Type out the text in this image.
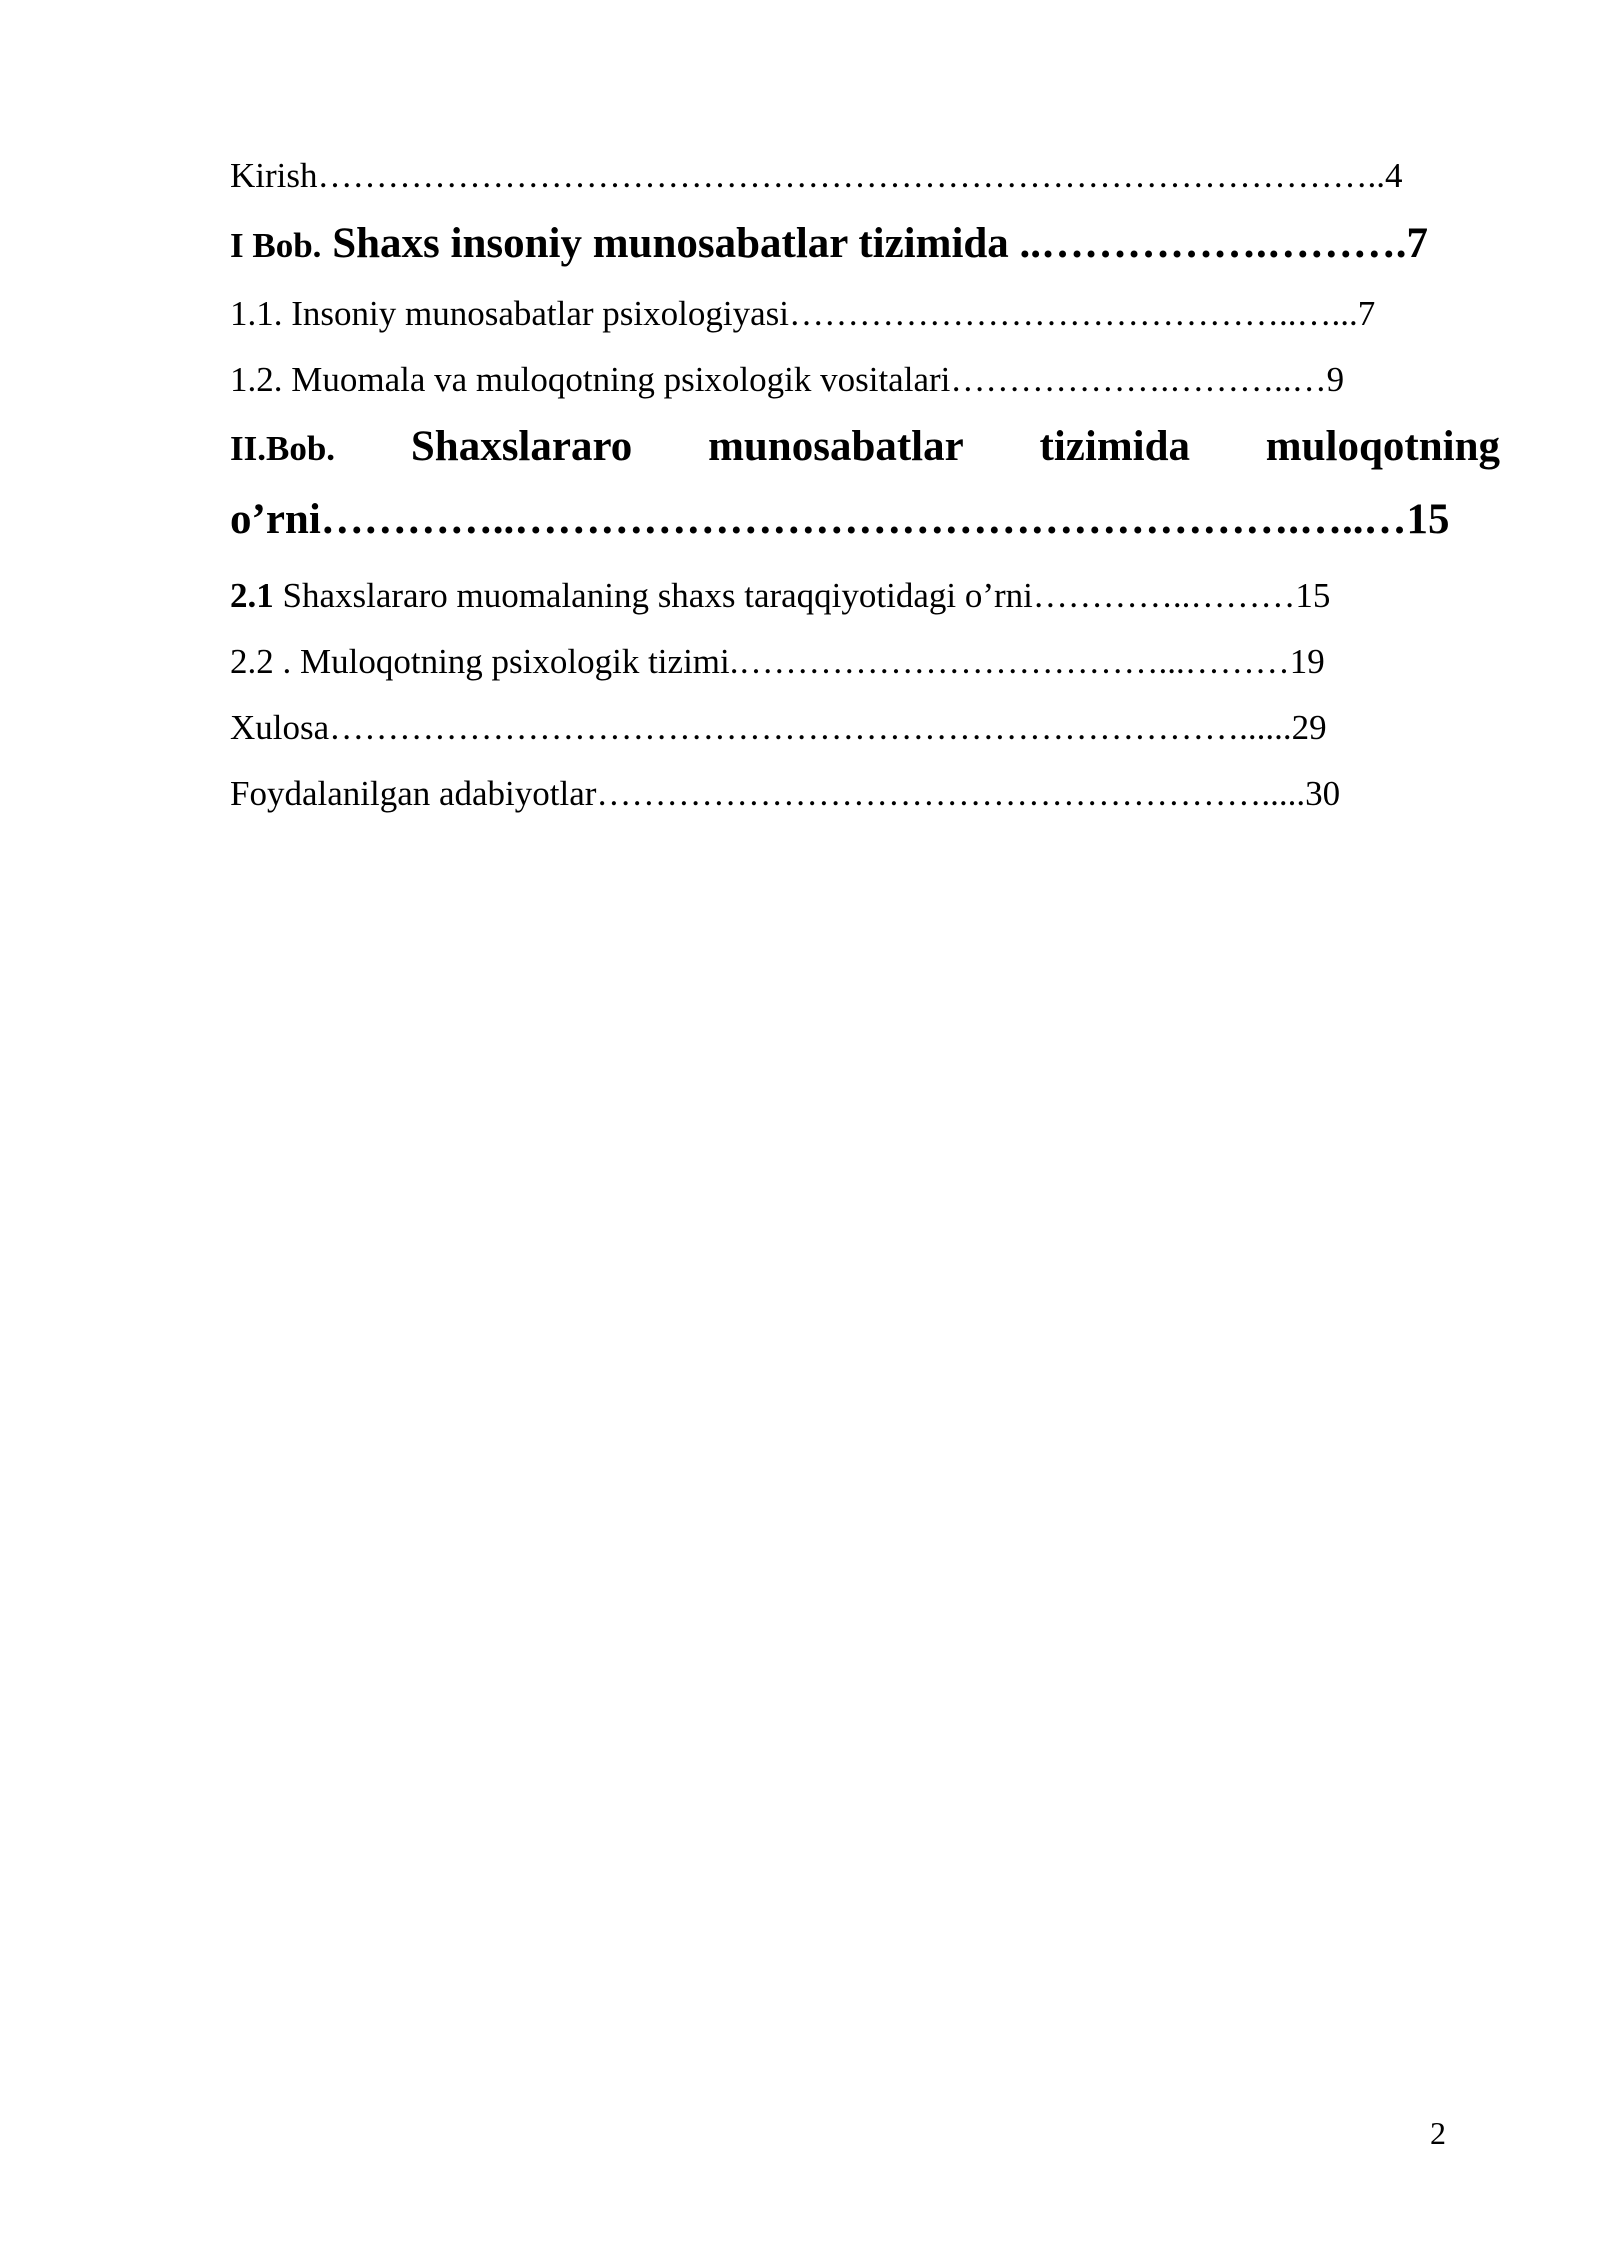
Kirish………………………………………………………………………………..4
I Bob. Shaxs insoniy munosabatlar tizimida ..…………….……….7
1.1. Insoniy munosabatlar psixologiyasi……………………………………..…...7
1.2. Muomala va muloqotning psixologik vositalari……………….………..…9
II.Bob. Shaxslararo munosabatlar tizimida muloqotning
o’rni…………..……………………………………………….…..…15
2.1 Shaxslararo muomalaning shaxs taraqqiyotidagi o’rni…………..………15
2.2 . Muloqotning psixologik tizimi.………………………………...………19
Xulosa……………………………………………………………………......29
Foydalanilgan adabiyotlar………………………………………………….....30
2
